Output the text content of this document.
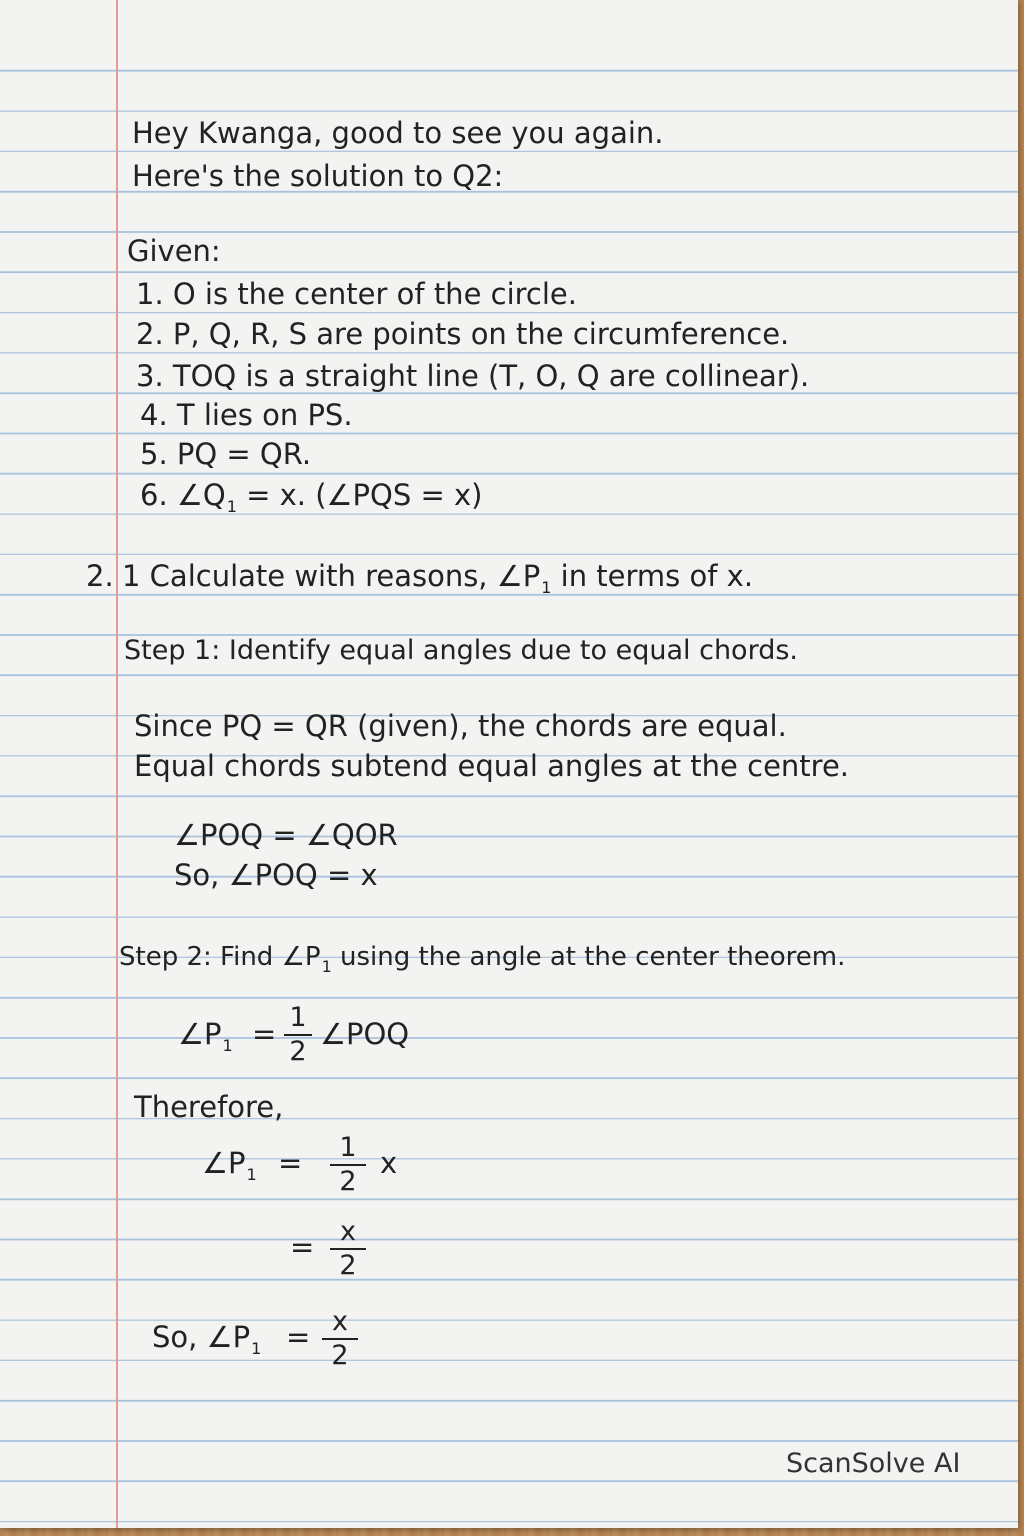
Hey Kwanga, good to see you again.
Here's the solution to Q2:
Given:
1. O is the center of the circle.
2. P, Q, R, S are points on the circumference.
3. TOQ is a straight line (T, O, Q are collinear).
4. T lies on PS.
5. PQ = QR.
6. $\angle Q_1 = x$. (∠PQS = x)
2. 1 Calculate with reasons, $\angle P_1$ in terms of x.
Step 1: Identify equal angles due to equal chords.
Since PQ = QR (given), the chords are equal.
Equal chords subtend equal angles at the centre.
∠POQ = ∠QOR
So, ∠POQ = x
Step 2: Find $\angle P_1$ using the angle at the center theorem.
$\angle P_1 = 1$
2
∠POQ
Therefore,
$\angle P_1 = 1$
2
x
= x
2
So, $\angle P_1 = x$
2
ScanSolve AI
